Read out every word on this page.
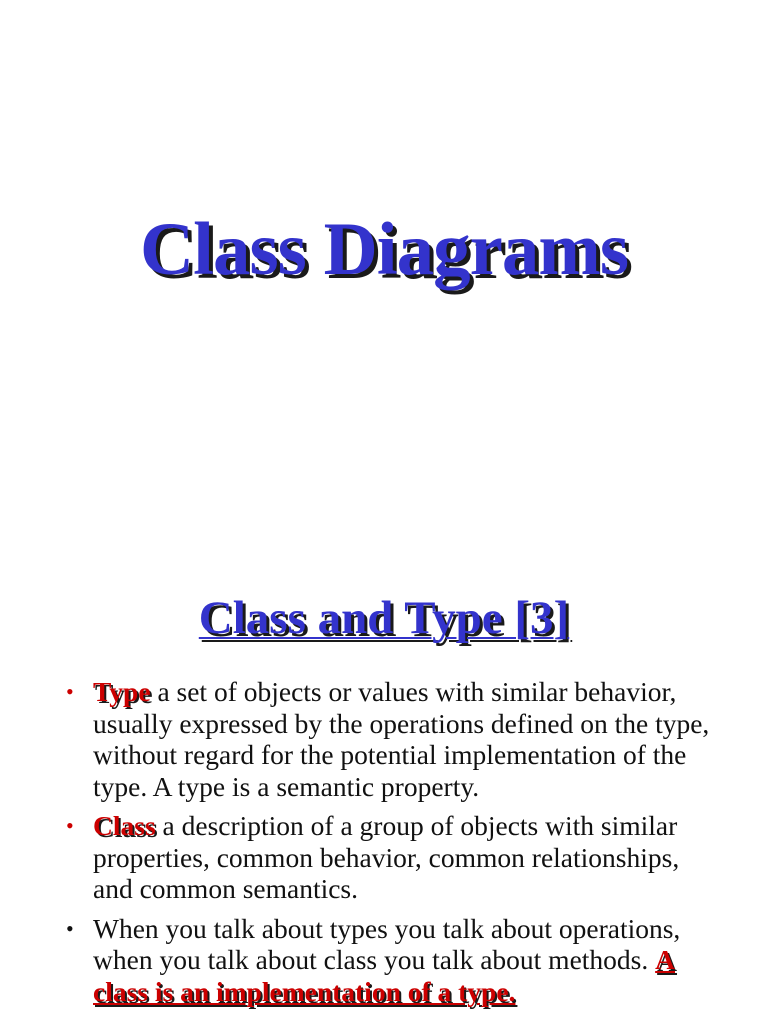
Class Diagrams
Class and Type [3]
• Type a set of objects or values with similar behavior, usually expressed by the operations defined on the type, without regard for the potential implementation of the type. A type is a semantic property.
• Class a description of a group of objects with similar properties, common behavior, common relationships, and common semantics.
• When you talk about types you talk about operations, when you talk about class you talk about methods. A class is an implementation of a type.
